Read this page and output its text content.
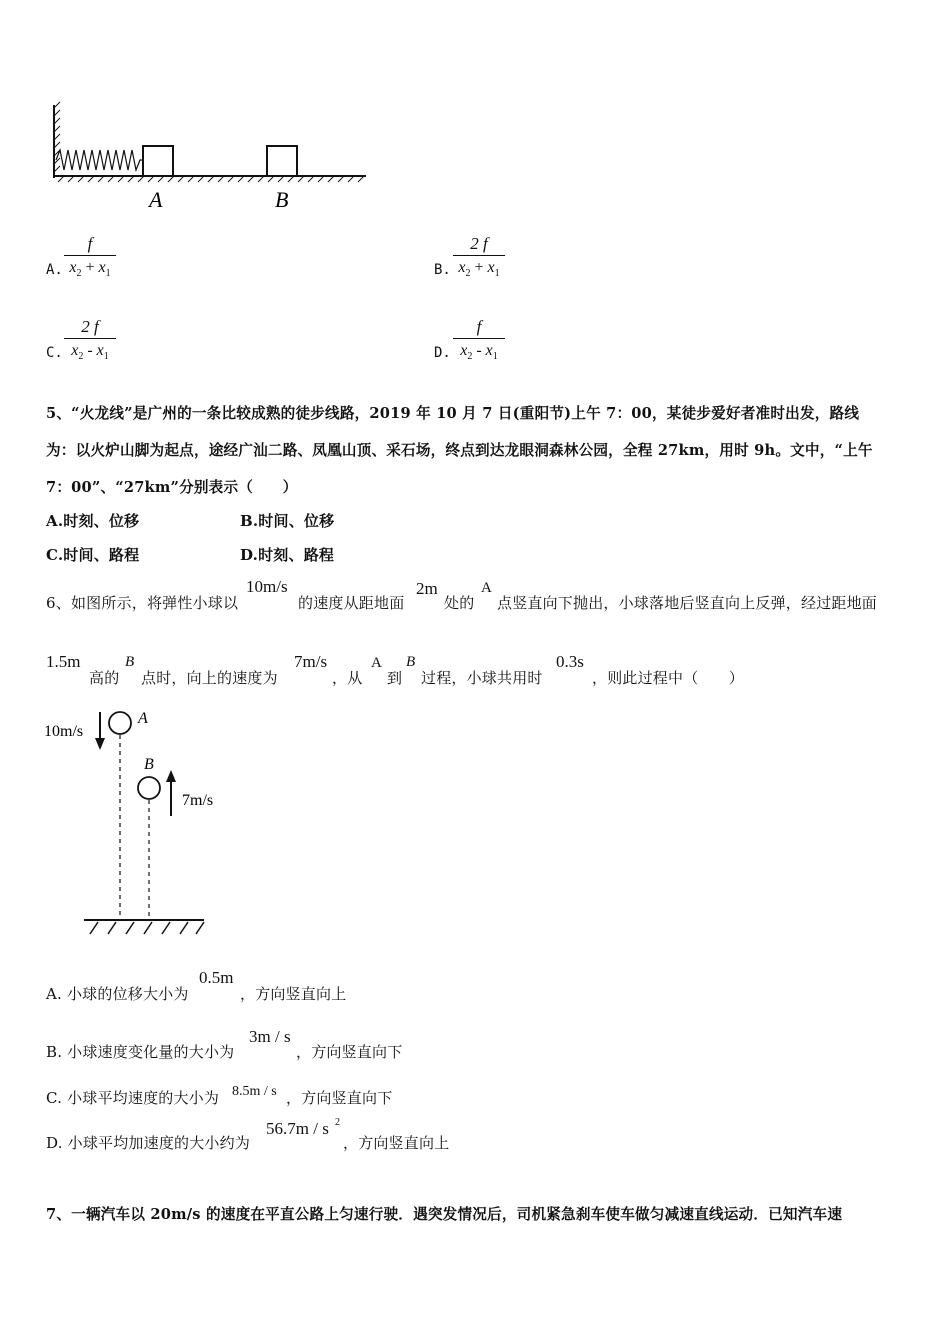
A	B
A.
f
$x_2 + x_1$	B.
2 f
$x_2 + x_1$
C.
2 f
$x_2 - x_1$	D.
f
$x_2 - x_1$
5、“火龙线”是广州的一条比较成熟的徒步线路，2019 年 10 月 7 日(重阳节)上午 7：00，某徒步爱好者准时出发，路线
为：以火炉山脚为起点，途经广汕二路、凤凰山顶、采石场，终点到达龙眼洞森林公园，全程 27km，用时 9h。文中，“上午
7：00”、“27km”分别表示（　　）
A.时刻、位移	B.时间、位移
C.时间、路程	D.时刻、路程
6、如图所示，将弹性小球以
10m/s
的速度从距地面
2m
处的
A
点竖直向下抛出，小球落地后竖直向上反弹，经过距地面
1.5m
高的
B
点时，向上的速度为
7m/s
，从
A
到
B
过程，小球共用时
0.3s
，则此过程中（　　）
10m/s
A
B
7m/s
A. 小球的位移大小为
0.5m
，方向竖直向上
B. 小球速度变化量的大小为
3m / s
，方向竖直向下
C. 小球平均速度的大小为 8.5m / s ，方向竖直向下
D. 小球平均加速度的大小约为
56.7m / s 2
，方向竖直向上
7、一辆汽车以 20m/s 的速度在平直公路上匀速行驶．遇突发情况后，司机紧急刹车使车做匀减速直线运动．已知汽车速
